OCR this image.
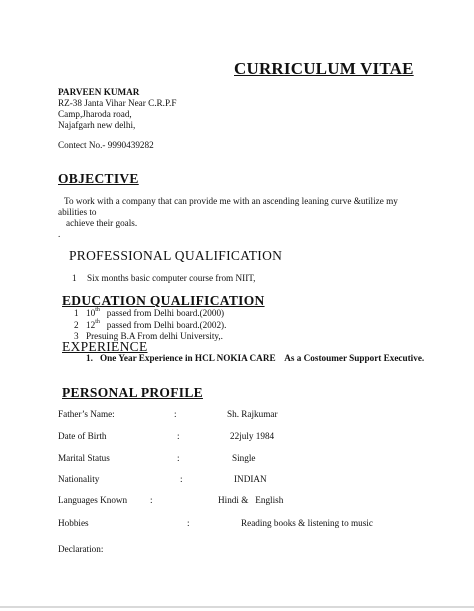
CURRICULUM VITAE
PARVEEN KUMAR
RZ-38 Janta Vihar Near C.R.P.F
Camp,Jharoda road,
Najafgarh new delhi,
Contect No.- 9990439282
OBJECTIVE
To work with a company that can provide me with an ascending leaning curve &utilize my
abilities to
achieve their goals.
.
PROFESSIONAL QUALIFICATION
1 Six months basic computer course from NIIT,
EDUCATION QUALIFICATION
1 10th passed from Delhi board.(2000)
2 12th passed from Delhi board.(2002).
3 Presuing B.A From delhi University,.
EXPERIENCE
1. One Year Experience in HCL NOKIA CARE    As a Costoumer Support Executive.
PERSONAL PROFILE
Father’s Name:	:	Sh. Rajkumar
Date of Birth	:	22july 1984
Marital Status	:	Single
Nationality	:	INDIAN
Languages Known :	Hindi &   English
Hobbies	:	Reading books & listening to music
Declaration:
